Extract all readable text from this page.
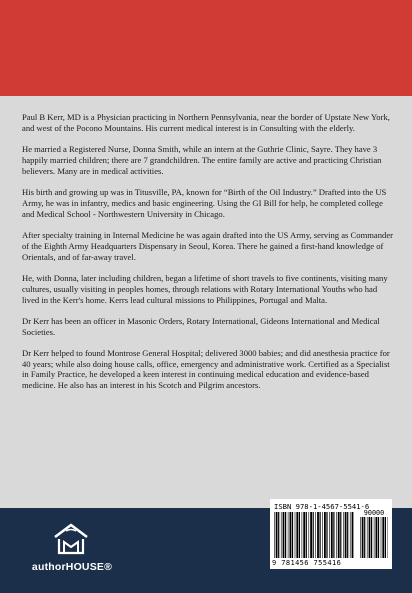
Paul B Kerr, MD is a Physician practicing in Northern Pennsylvania, near the border of Upstate New York, and west of the Pocono Mountains. His current medical interest is in Consulting with the elderly.

He married a Registered Nurse, Donna Smith, while an intern at the Guthrie Clinic, Sayre. They have 3 happily married children; there are 7 grandchildren. The entire family are active and practicing Christian believers. Many are in medical activities.

His birth and growing up was in Titusville, PA, known for “Birth of the Oil Industry.” Drafted into the US Army, he was in infantry, medics and basic engineering. Using the GI Bill for help, he completed college and Medical School - Northwestern University in Chicago.

After specialty training in Internal Medicine he was again drafted into the US Army, serving as Commander of the Eighth Army Headquarters Dispensary in Seoul, Korea. There he gained a first-hand knowledge of Orientals, and of far-away travel.

He, with Donna, later including children, began a lifetime of short travels to five continents, visiting many cultures, usually visiting in peoples homes, through relations with Rotary International Youths who had lived in the Kerr's home. Kerrs lead cultural missions to Philippines, Portugal and Malta.

Dr Kerr has been an officer in Masonic Orders, Rotary International, Gideons International and Medical Societies.

Dr Kerr helped to found Montrose General Hospital; delivered 3000 babies; and did anesthesia practice for 40 years; while also doing house calls, office, emergency and administrative work. Certified as a Specialist in Family Practice, he developed a keen interest in continuing medical education and evidence-based medicine. He also has an interest in his Scotch and Pilgrim ancestors.

authorHOUSE®
ISBN 978-1-4567-5541-6
90000
9 781456 755416
